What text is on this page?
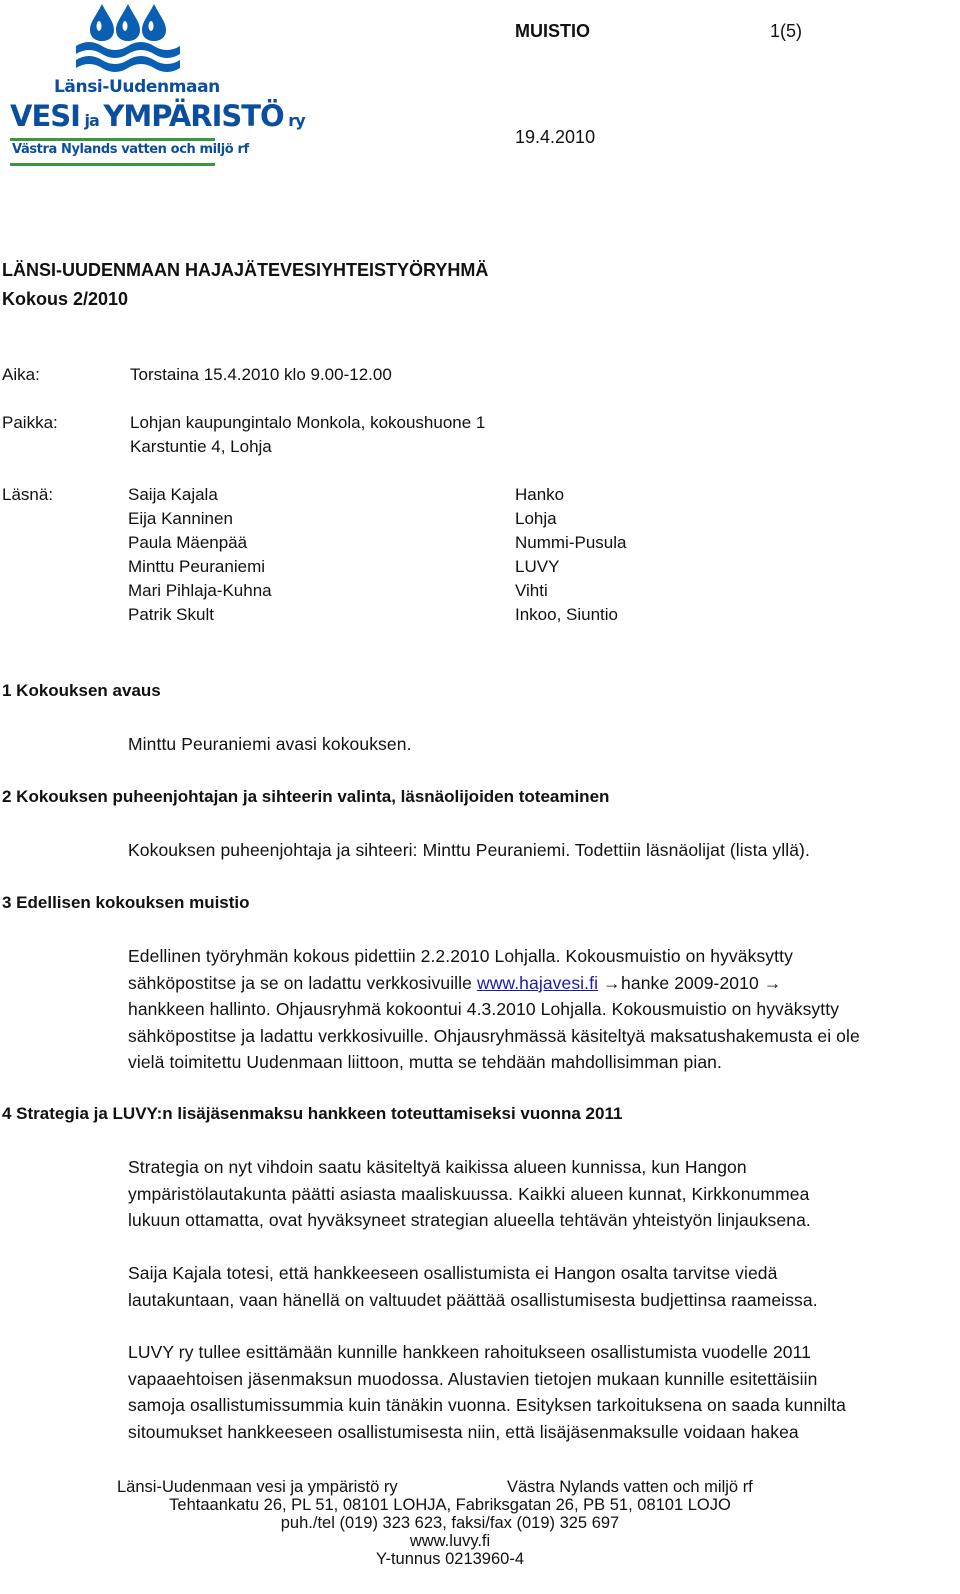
Länsi-Uudenmaan
VESI ja YMPÄRISTÖ ry
Västra Nylands vatten och miljö rf
MUISTIO	1(5)
19.4.2010
LÄNSI-UUDENMAAN HAJAJÄTEVESIYHTEISTYÖRYHMÄ
Kokous 2/2010
Aika:	Torstaina 15.4.2010 klo 9.00-12.00
Paikka:	Lohjan kaupungintalo Monkola, kokoushuone 1
Karstuntie 4, Lohja
Läsnä:	Saija Kajala	Hanko
Eija Kanninen	Lohja
Paula Mäenpää	Nummi-Pusula
Minttu Peuraniemi	LUVY
Mari Pihlaja-Kuhna	Vihti
Patrik Skult	Inkoo, Siuntio
1 Kokouksen avaus

Minttu Peuraniemi avasi kokouksen.

2 Kokouksen puheenjohtajan ja sihteerin valinta, läsnäolijoiden toteaminen

Kokouksen puheenjohtaja ja sihteeri: Minttu Peuraniemi. Todettiin läsnäolijat (lista yllä).

3 Edellisen kokouksen muistio

Edellinen työryhmän kokous pidettiin 2.2.2010 Lohjalla. Kokousmuistio on hyväksytty

sähköpostitse ja se on ladattu verkkosivuille www.hajavesi.fi → hanke 2009-2010 →

hankkeen hallinto. Ohjausryhmä kokoontui 4.3.2010 Lohjalla. Kokousmuistio on hyväksytty

sähköpostitse ja ladattu verkkosivuille. Ohjausryhmässä käsiteltyä maksatushakemusta ei ole

vielä toimitettu Uudenmaan liittoon, mutta se tehdään mahdollisimman pian.

4 Strategia ja LUVY:n lisäjäsenmaksu hankkeen toteuttamiseksi vuonna 2011

Strategia on nyt vihdoin saatu käsiteltyä kaikissa alueen kunnissa, kun Hangon

ympäristölautakunta päätti asiasta maaliskuussa. Kaikki alueen kunnat, Kirkkonummea

lukuun ottamatta, ovat hyväksyneet strategian alueella tehtävän yhteistyön linjauksena.

Saija Kajala totesi, että hankkeeseen osallistumista ei Hangon osalta tarvitse viedä

lautakuntaan, vaan hänellä on valtuudet päättää osallistumisesta budjettinsa raameissa.

LUVY ry tullee esittämään kunnille hankkeen rahoitukseen osallistumista vuodelle 2011

vapaaehtoisen jäsenmaksun muodossa. Alustavien tietojen mukaan kunnille esitettäisiin

samoja osallistumissummia kuin tänäkin vuonna. Esityksen tarkoituksena on saada kunnilta

sitoumukset hankkeeseen osallistumisesta niin, että lisäjäsenmaksulle voidaan hakea

Länsi-Uudenmaan vesi ja ympäristö ry	Västra Nylands vatten och miljö rf
Tehtaankatu 26, PL 51, 08101 LOHJA, Fabriksgatan 26, PB 51, 08101 LOJO
puh./tel (019) 323 623, faksi/fax (019) 325 697
www.luvy.fi
Y-tunnus 0213960-4
